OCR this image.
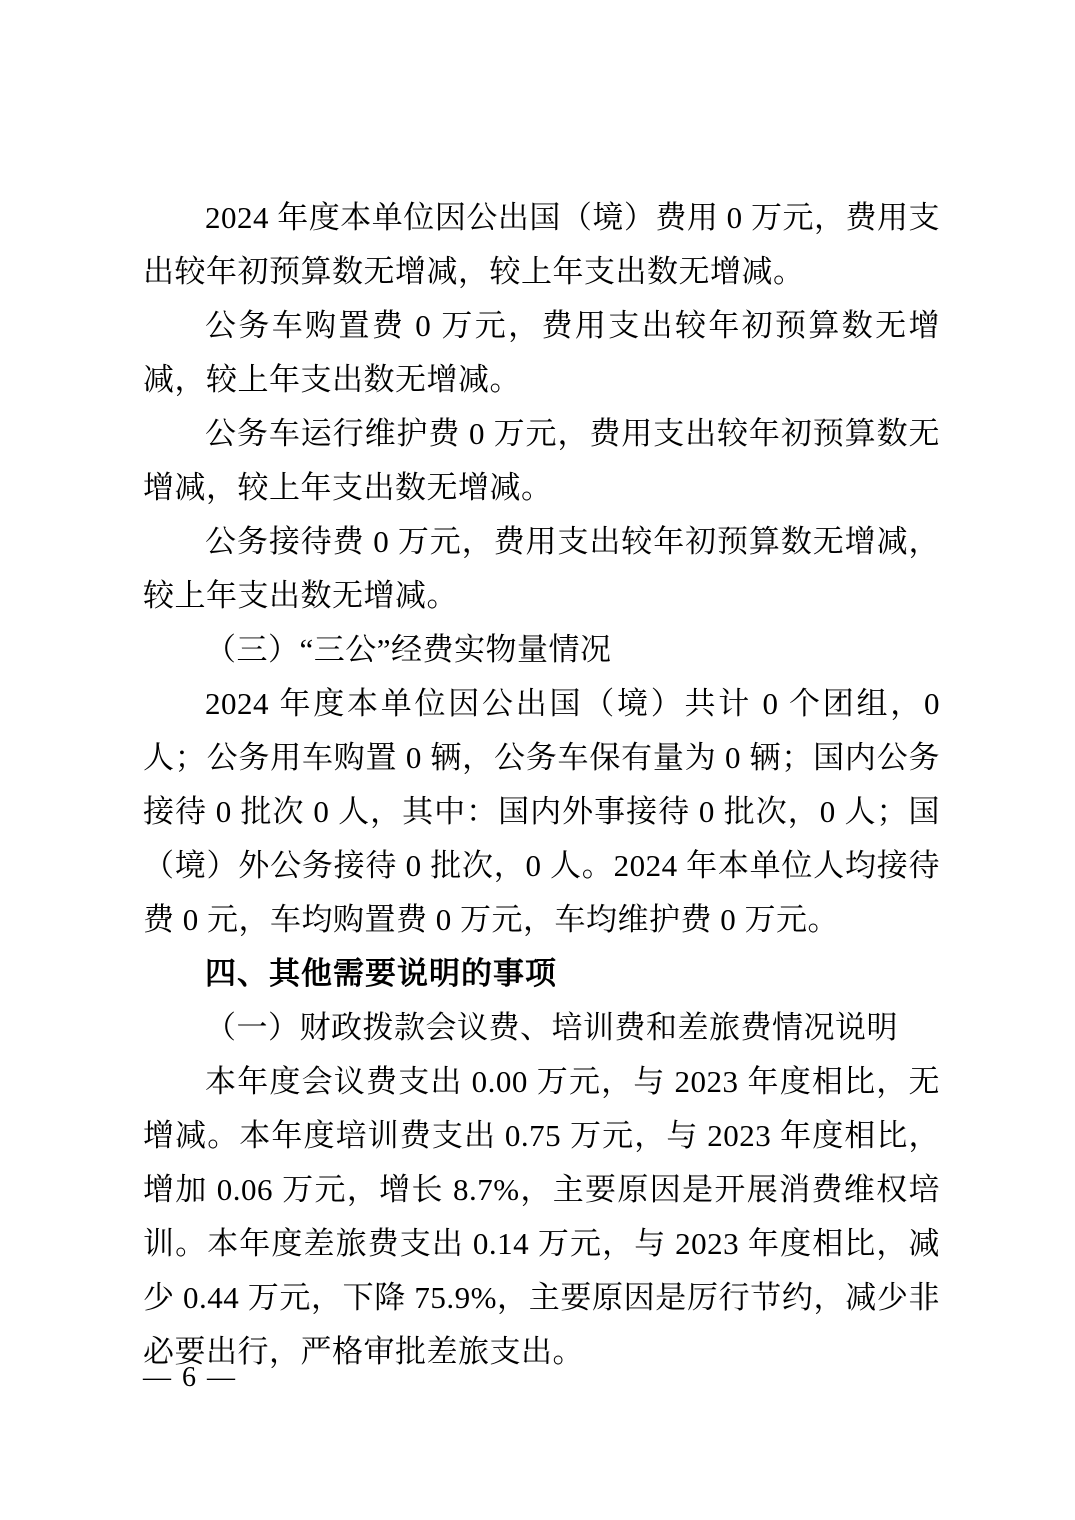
2024 年度本单位因公出国（境）费用 0 万元，费用支出较年初预算数无增减，较上年支出数无增减。

公务车购置费 0 万元，费用支出较年初预算数无增减，较上年支出数无增减。

公务车运行维护费 0 万元，费用支出较年初预算数无增减，较上年支出数无增减。

公务接待费 0 万元，费用支出较年初预算数无增减，较上年支出数无增减。

（三）“三公”经费实物量情况

2024 年度本单位因公出国（境）共计 0 个团组，0 人；公务用车购置 0 辆，公务车保有量为 0 辆；国内公务接待 0 批次 0 人，其中：国内外事接待 0 批次，0 人；国（境）外公务接待 0 批次，0 人。2024 年本单位人均接待费 0 元，车均购置费 0 万元，车均维护费 0 万元。

四、其他需要说明的事项

（一）财政拨款会议费、培训费和差旅费情况说明

本年度会议费支出 0.00 万元，与 2023 年度相比，无增减。本年度培训费支出 0.75 万元，与 2023 年度相比，增加 0.06 万元，增长 8.7%，主要原因是开展消费维权培训。本年度差旅费支出 0.14 万元，与 2023 年度相比，减少 0.44 万元，下降 75.9%，主要原因是厉行节约，减少非必要出行，严格审批差旅支出。

— 6 —
